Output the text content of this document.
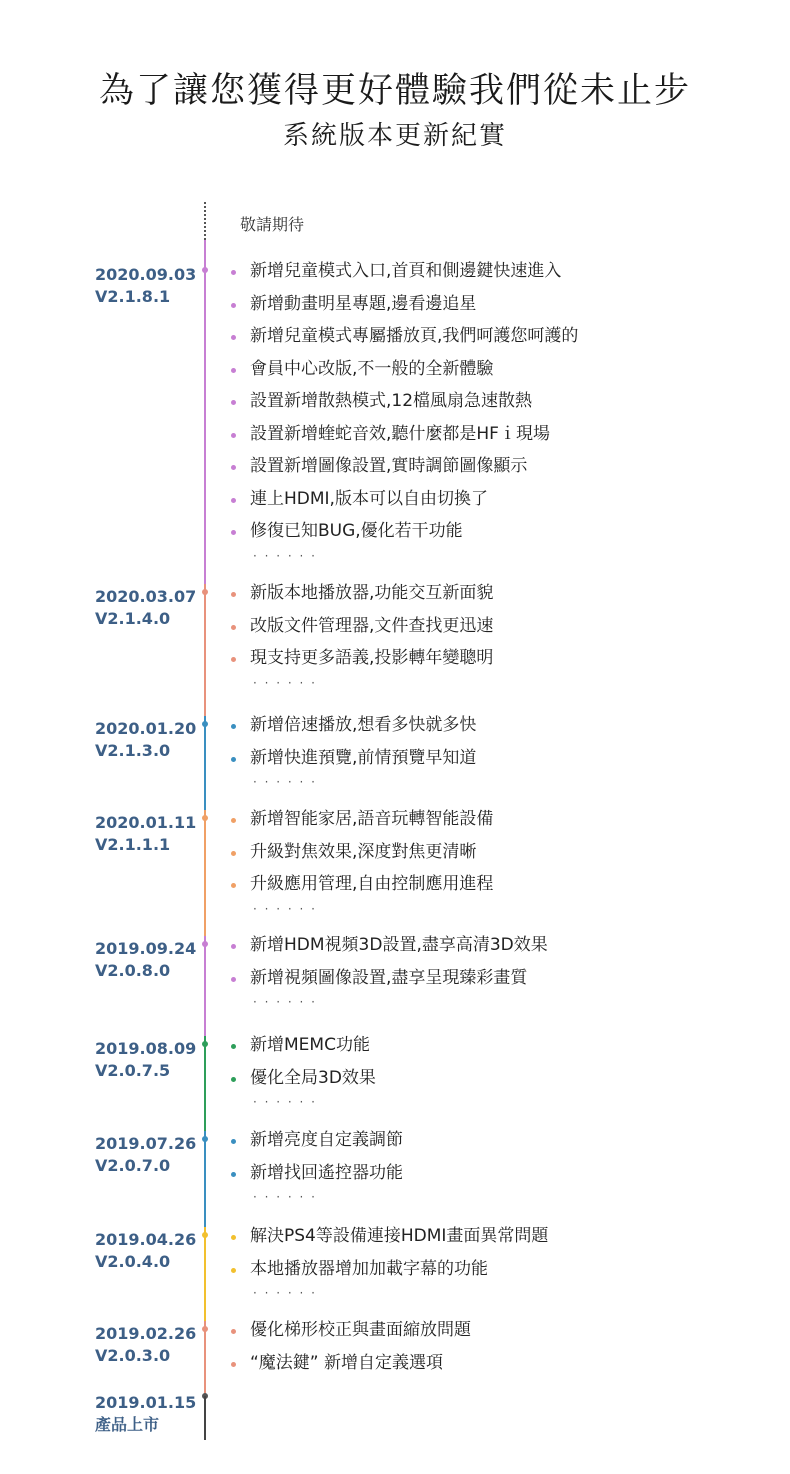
為了讓您獲得更好體驗我們從未止步
系統版本更新紀實
敬請期待
2020.09.03
V2.1.8.1
新增兒童模式入口,首頁和側邊鍵快速進入
新增動畫明星專題,邊看邊追星
新增兒童模式專屬播放頁,我們呵護您呵護的
會員中心改版,不一般的全新體驗
設置新增散熱模式,12檔風扇急速散熱
設置新增蝰蛇音效,聽什麼都是HFｉ現場
設置新增圖像設置,實時調節圖像顯示
連上HDMI,版本可以自由切換了
修復已知BUG,優化若干功能
· · · · · ·
2020.03.07
V2.1.4.0
新版本地播放器,功能交互新面貌
改版文件管理器,文件查找更迅速
現支持更多語義,投影轉年變聰明
· · · · · ·
2020.01.20
V2.1.3.0
新增倍速播放,想看多快就多快
新增快進預覽,前情預覽早知道
· · · · · ·
2020.01.11
V2.1.1.1
新增智能家居,語音玩轉智能設備
升級對焦效果,深度對焦更清晰
升級應用管理,自由控制應用進程
· · · · · ·
2019.09.24
V2.0.8.0
新增HDM視頻3D設置,盡享高清3D效果
新增視頻圖像設置,盡享呈現臻彩畫質
· · · · · ·
2019.08.09
V2.0.7.5
新增MEMC功能
優化全局3D效果
· · · · · ·
2019.07.26
V2.0.7.0
新增亮度自定義調節
新增找回遙控器功能
· · · · · ·
2019.04.26
V2.0.4.0
解決PS4等設備連接HDMI畫面異常問題
本地播放器增加加載字幕的功能
· · · · · ·
2019.02.26
V2.0.3.0
優化梯形校正與畫面縮放問題
“魔法鍵” 新增自定義選項
2019.01.15
產品上市
